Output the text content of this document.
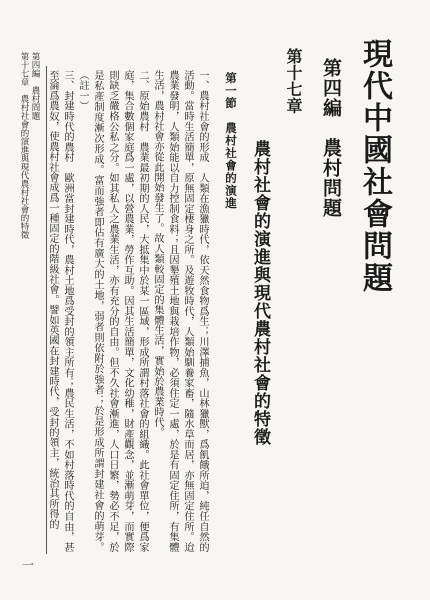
現代中國社會問題
第四編　農村問題
第十七章
農村社會的演進與現代農村社會的特徵
第一節　農村社會的演進

一、農村社會的形成　人類在漁獵時代，依天然食物爲生；川澤捕魚，山林獵獸，爲飢餓所迫，純任自然的活動。當時生活簡單，原無固定棲身之所。及遊牧時代，人類始馴養家畜，隨水草而居，亦無固定住所。迨農業發明，人類始能以自力控制食料；且因墾殖土地與栽培作物，必須住定一處，於是有固定住所，有集體生活，農村社會亦從此開始發生了。故人類較固定的集體生活，實始於農業時代。

二、原始農村　農業最初期的人民，大抵集中於某一區域，形成所謂村落社會的組織。此社會單位，便爲家庭，集合數個家庭爲一處，以營農業，勞作互助。因其生活簡單，文化幼稚，財產觀念，並漸萌芽，而實際則缺乏嚴格公私之分。如其私人之農業生活，亦有充分的自由。但不久社會漸進，人口日繁，勢必不足，於是私產制度漸次形成。富而強者即佔有廣大的土地，弱者則依附於強者；於是形成所謂封建社會的萌芽。（註一）

三、封建時代的農村　歐洲當封建時代，農村土地爲受封的領主所有；農民生活，不如村落時代的自由，甚至淪爲農奴，使農村社會成爲一種固定的階級社會。譬如英國在封建時代，受封的領主，統治其所得的

第四編　農村問題
第十七章　農村社會的演進與現代農村社會的特徵
一
